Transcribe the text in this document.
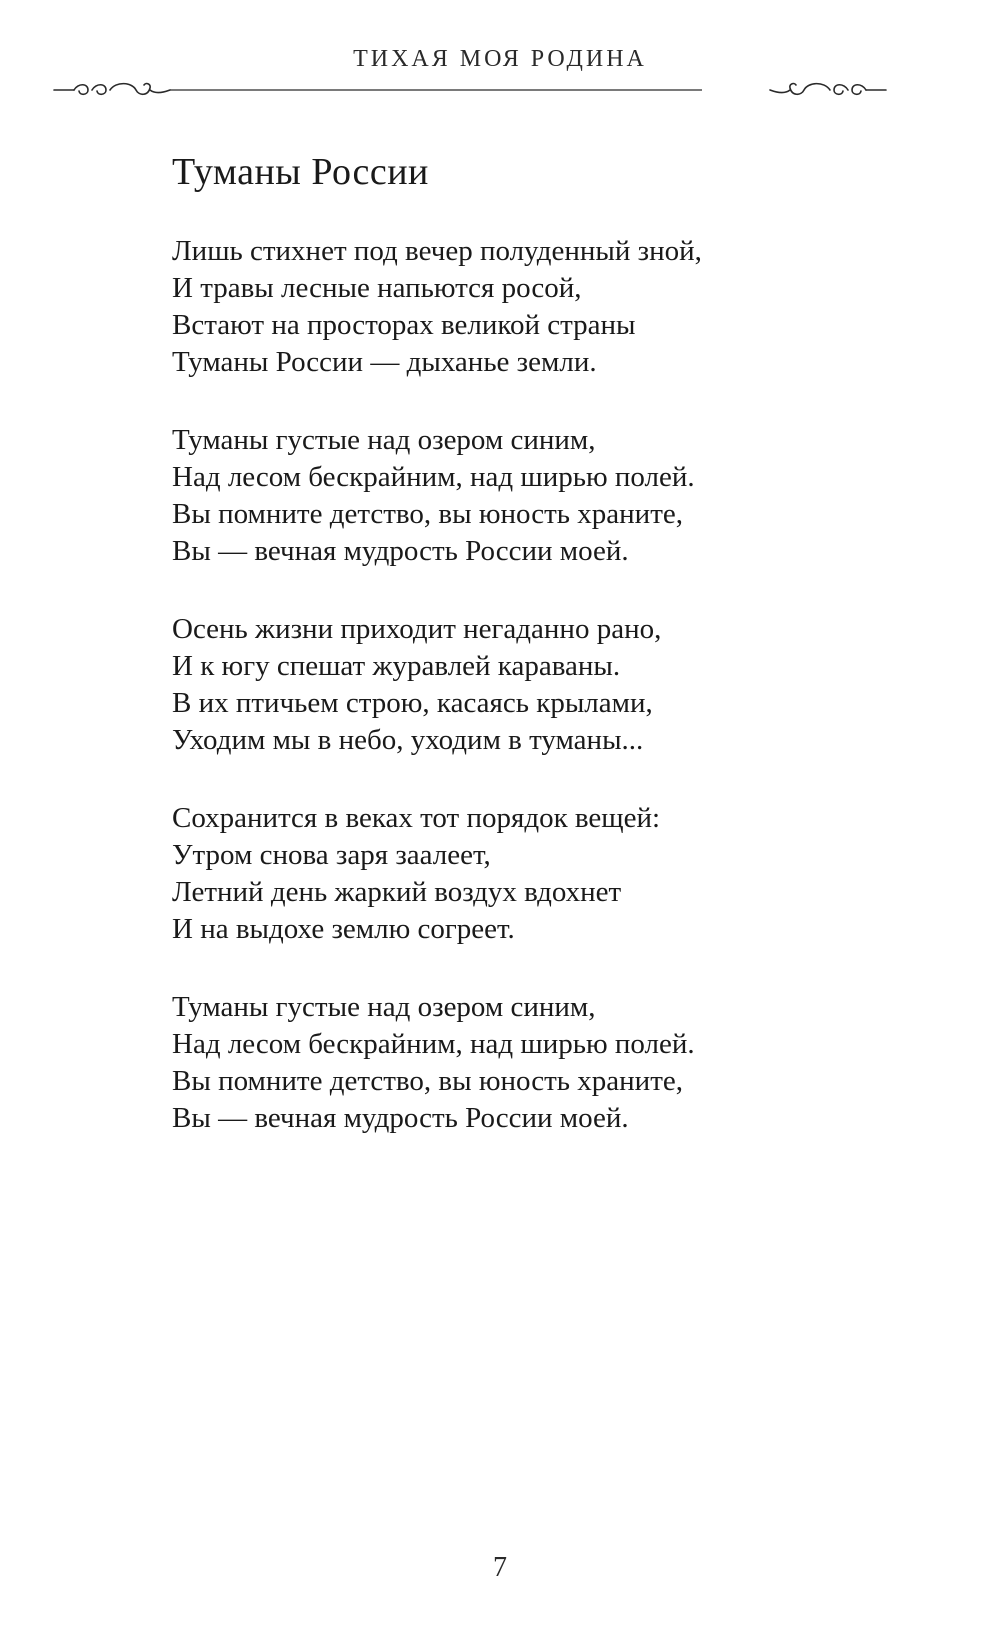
ТИХАЯ МОЯ РОДИНА
Туманы России
Лишь стихнет под вечер полуденный зной,
И травы лесные напьются росой,
Встают на просторах великой страны
Туманы России — дыханье земли.
Туманы густые над озером синим,
Над лесом бескрайним, над ширью полей.
Вы помните детство, вы юность храните,
Вы — вечная мудрость России моей.
Осень жизни приходит негаданно рано,
И к югу спешат журавлей караваны.
В их птичьем строю, касаясь крылами,
Уходим мы в небо, уходим в туманы...
Сохранится в веках тот порядок вещей:
Утром снова заря заалеет,
Летний день жаркий воздух вдохнет
И на выдохе землю согреет.
Туманы густые над озером синим,
Над лесом бескрайним, над ширью полей.
Вы помните детство, вы юность храните,
Вы — вечная мудрость России моей.
7
